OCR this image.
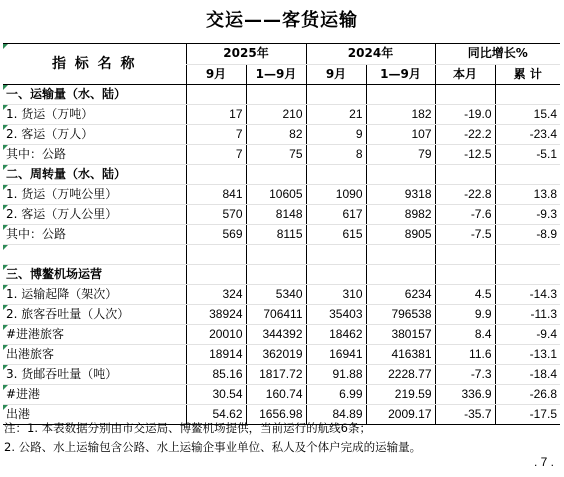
交运——客货运输
指 标 名 称	2025年		2024年		同比增长%	
	9月	1—9月	9月	1—9月	本月	累 计
一、运输量（水、陆）						
1. 货运（万吨）	17	210	21	182	-19.0	15.4
2. 客运（万人）	7	82	9	107	-22.2	-23.4
其中：公路	7	75	8	79	-12.5	-5.1
二、周转量（水、陆）						
1. 货运（万吨公里）	841	10605	1090	9318	-22.8	13.8
2. 客运（万人公里）	570	8148	617	8982	-7.6	-9.3
其中：公路	569	8115	615	8905	-7.5	-8.9

三、博鳌机场运营						
1. 运输起降（架次）	324	5340	310	6234	4.5	-14.3
2. 旅客吞吐量（人次）	38924	706411	35403	796538	9.9	-11.3
#进港旅客	20010	344392	18462	380157	8.4	-9.4
出港旅客	18914	362019	16941	416381	11.6	-13.1
3. 货邮吞吐量（吨）	85.16	1817.72	91.88	2228.77	-7.3	-18.4
#进港	30.54	160.74	6.99	219.59	336.9	-26.8
出港	54.62	1656.98	84.89	2009.17	-35.7	-17.5
注：1. 本表数据分别由市交运局、博鳌机场提供，当前运行的航线6条；
2. 公路、水上运输包含公路、水上运输企事业单位、私人及个体户完成的运输量。
. 7 .
